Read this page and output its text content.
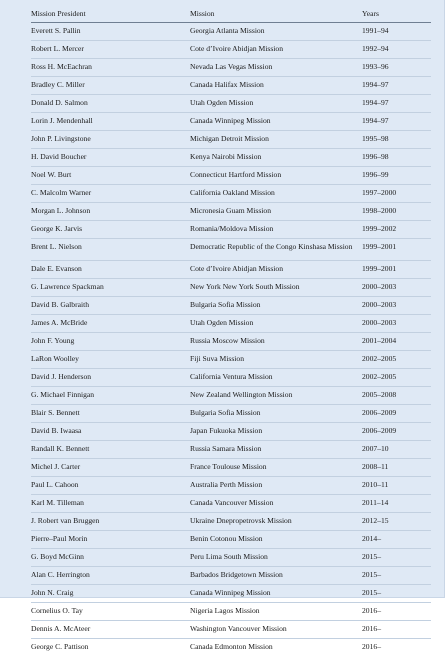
Mission President	Mission	Years
Everett S. Pallin	Georgia Atlanta Mission	1991–94
Robert L. Mercer	Cote d’Ivoire Abidjan Mission	1992–94
Ross H. McEachran	Nevada Las Vegas Mission	1993–96
Bradley C. Miller	Canada Halifax Mission	1994–97
Donald D. Salmon	Utah Ogden Mission	1994–97
Lorin J. Mendenhall	Canada Winnipeg Mission	1994–97
John P. Livingstone	Michigan Detroit Mission	1995–98
H. David Boucher	Kenya Nairobi Mission	1996–98
Noel W. Burt	Connecticut Hartford Mission	1996–99
C. Malcolm Warner	California Oakland Mission	1997–2000
Morgan L. Johnson	Micronesia Guam Mission	1998–2000
George K. Jarvis	Romania/Moldova Mission	1999–2002
Brent L. Nielson	Democratic Republic of the Congo Kinshasa Mission	1999–2001
Dale E. Evanson	Cote d’Ivoire Abidjan Mission	1999–2001
G. Lawrence Spackman	New York New York South Mission	2000–2003
David B. Galbraith	Bulgaria Sofia Mission	2000–2003
James A. McBride	Utah Ogden Mission	2000–2003
John F. Young	Russia Moscow Mission	2001–2004
LaRon Woolley	Fiji Suva Mission	2002–2005
David J. Henderson	California Ventura Mission	2002–2005
G. Michael Finnigan	New Zealand Wellington Mission	2005–2008
Blair S. Bennett	Bulgaria Sofia Mission	2006–2009
David B. Iwaasa	Japan Fukuoka Mission	2006–2009
Randall K. Bennett	Russia Samara Mission	2007–10
Michel J. Carter	France Toulouse Mission	2008–11
Paul L. Cahoon	Australia Perth Mission	2010–11
Karl M. Tilleman	Canada Vancouver Mission	2011–14
J. Robert van Bruggen	Ukraine Dnepropetrovsk Mission	2012–15
Pierre–Paul Morin	Benin Cotonou Mission	2014–
G. Boyd McGinn	Peru Lima South Mission	2015–
Alan C. Herrington	Barbados Bridgetown Mission	2015–
John N. Craig	Canada Winnipeg Mission	2015–
Cornelius O. Tay	Nigeria Lagos Mission	2016–
Dennis A. McAteer	Washington Vancouver Mission	2016–
George C. Pattison	Canada Edmonton Mission	2016–
